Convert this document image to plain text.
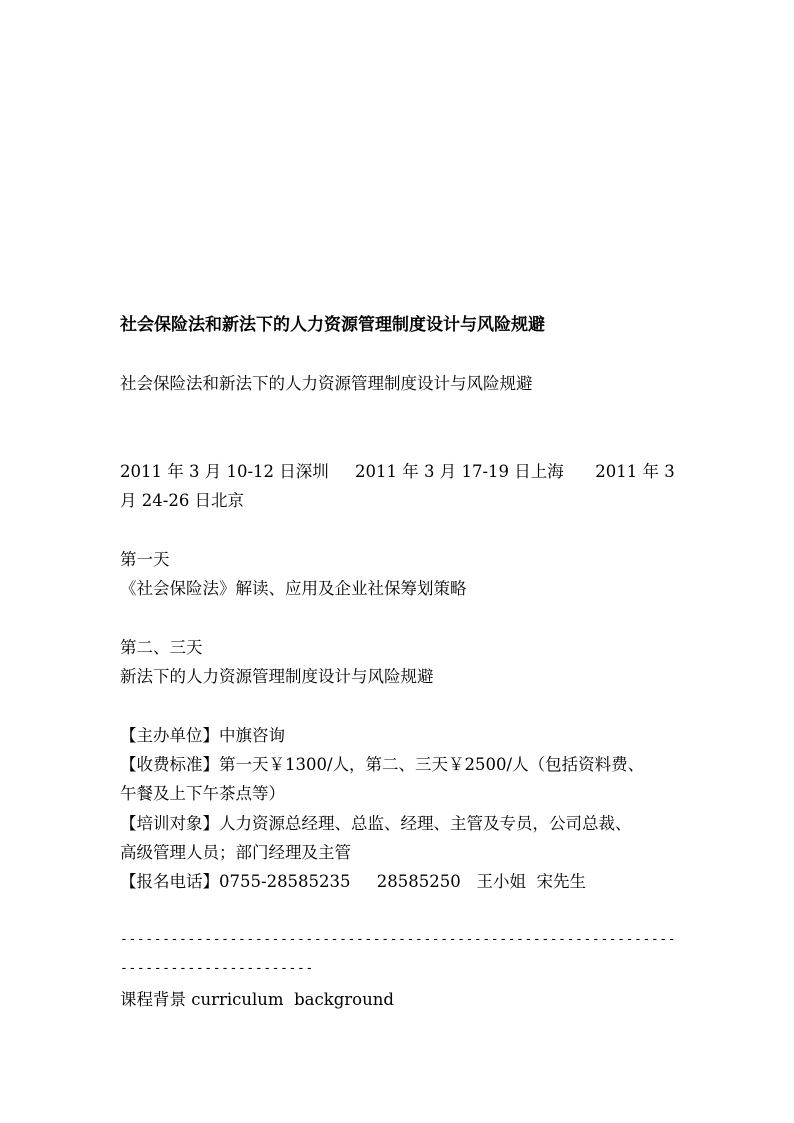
社会保险法和新法下的人力资源管理制度设计与风险规避
社会保险法和新法下的人力资源管理制度设计与风险规避
2011 年 3 月 10-12 日深圳     2011 年 3 月 17-19 日上海      2011 年 3
月 24-26 日北京
第一天
《社会保险法》解读、应用及企业社保筹划策略
第二、三天
新法下的人力资源管理制度设计与风险规避
【主办单位】中旗咨询
【收费标准】第一天￥1300/人，第二、三天￥2500/人（包括资料费、
午餐及上下午茶点等）
【培训对象】人力资源总经理、总监、经理、主管及专员，公司总裁、
高级管理人员；部门经理及主管
【报名电话】0755-28585235     28585250   王小姐  宋先生
------------------------------------------------------------------
-----------------------
课程背景 curriculum  background
